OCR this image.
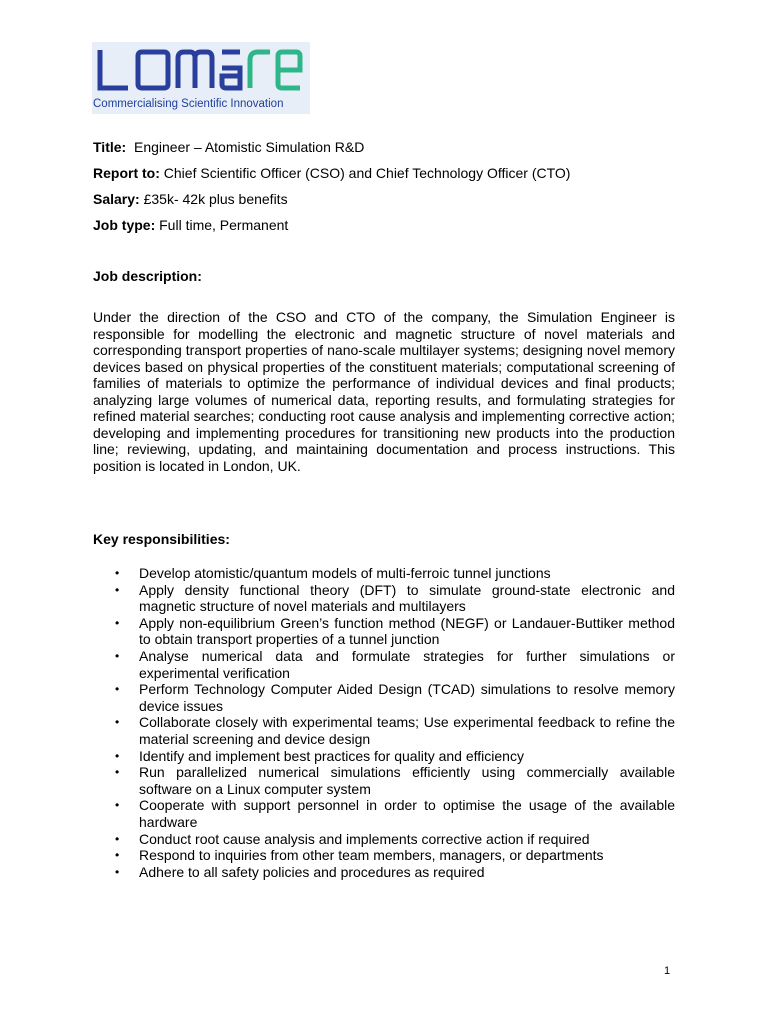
Commercialising Scientific Innovation
Title: Engineer – Atomistic Simulation R&D
Report to: Chief Scientific Officer (CSO) and Chief Technology Officer (CTO)
Salary: £35k- 42k plus benefits
Job type: Full time, Permanent
Job description:

Under the direction of the CSO and CTO of the company, the Simulation Engineer is responsible for modelling the electronic and magnetic structure of novel materials and corresponding transport properties of nano-scale multilayer systems; designing novel memory devices based on physical properties of the constituent materials; computational screening of families of materials to optimize the performance of individual devices and final products; analyzing large volumes of numerical data, reporting results, and formulating strategies for refined material searches; conducting root cause analysis and implementing corrective action; developing and implementing procedures for transitioning new products into the production line; reviewing, updating, and maintaining documentation and process instructions. This position is located in London, UK.

Key responsibilities:
• Develop atomistic/quantum models of multi-ferroic tunnel junctions
• Apply density functional theory (DFT) to simulate ground-state electronic and magnetic structure of novel materials and multilayers
• Apply non-equilibrium Green’s function method (NEGF) or Landauer-Buttiker method to obtain transport properties of a tunnel junction
• Analyse numerical data and formulate strategies for further simulations or experimental verification
• Perform Technology Computer Aided Design (TCAD) simulations to resolve memory device issues
• Collaborate closely with experimental teams; Use experimental feedback to refine the material screening and device design
• Identify and implement best practices for quality and efficiency
• Run parallelized numerical simulations efficiently using commercially available software on a Linux computer system
• Cooperate with support personnel in order to optimise the usage of the available hardware
• Conduct root cause analysis and implements corrective action if required
• Respond to inquiries from other team members, managers, or departments
• Adhere to all safety policies and procedures as required
1
